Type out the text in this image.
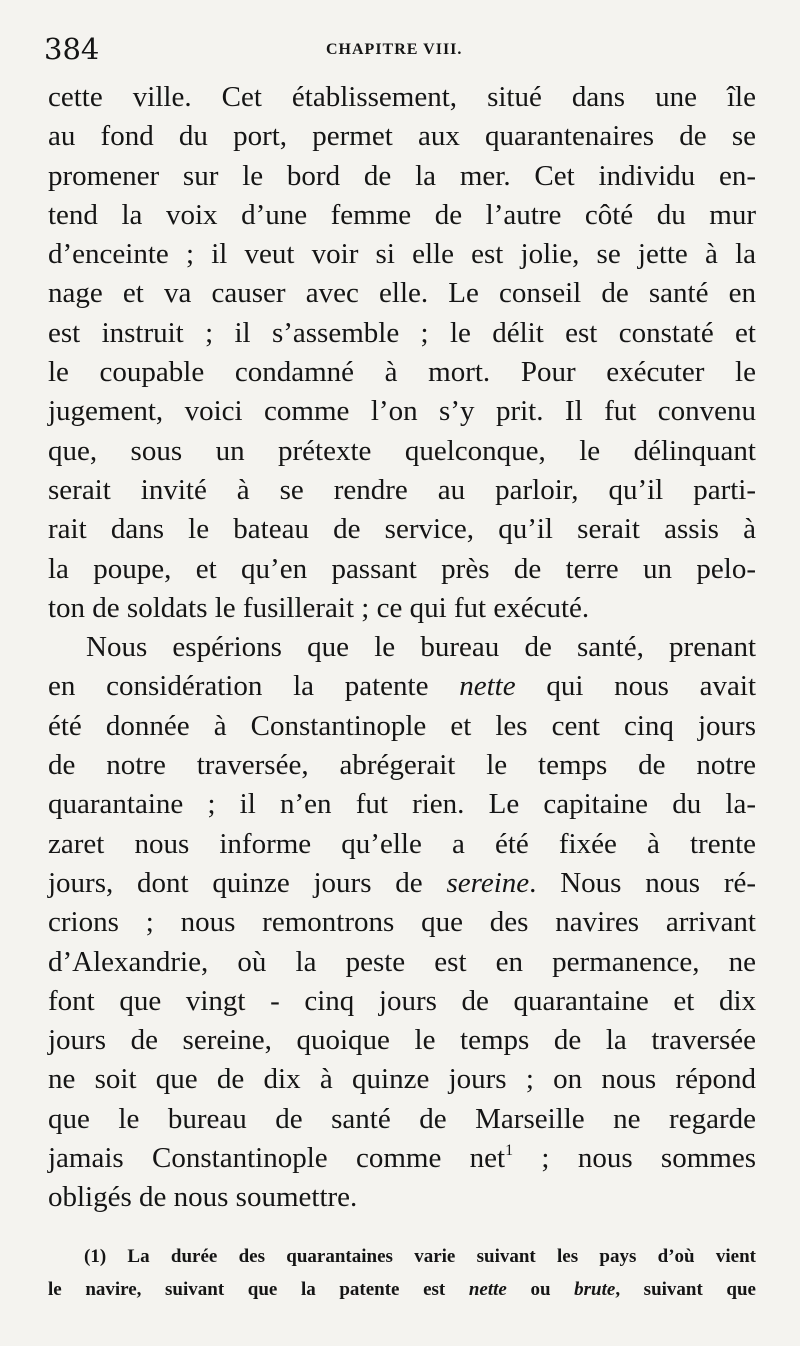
384	CHAPITRE VIII.
cette ville. Cet établissement, situé dans une île
au fond du port, permet aux quarantenaires de se
promener sur le bord de la mer. Cet individu en-
tend la voix d’une femme de l’autre côté du mur
d’enceinte ; il veut voir si elle est jolie, se jette à la
nage et va causer avec elle. Le conseil de santé en
est instruit ; il s’assemble ; le délit est constaté et
le coupable condamné à mort. Pour exécuter le
jugement, voici comme l’on s’y prit. Il fut convenu
que, sous un prétexte quelconque, le délinquant
serait invité à se rendre au parloir, qu’il parti-
rait dans le bateau de service, qu’il serait assis à
la poupe, et qu’en passant près de terre un pelo-
ton de soldats le fusillerait ; ce qui fut exécuté.
Nous espérions que le bureau de santé, prenant
en considération la patente nette qui nous avait
été donnée à Constantinople et les cent cinq jours
de notre traversée, abrégerait le temps de notre
quarantaine ; il n’en fut rien. Le capitaine du la-
zaret nous informe qu’elle a été fixée à trente
jours, dont quinze jours de sereine. Nous nous ré-
crions ; nous remontrons que des navires arrivant
d’Alexandrie, où la peste est en permanence, ne
font que vingt - cinq jours de quarantaine et dix
jours de sereine, quoique le temps de la traversée
ne soit que de dix à quinze jours ; on nous répond
que le bureau de santé de Marseille ne regarde
jamais Constantinople comme net$^1$ ; nous sommes
obligés de nous soumettre.
(1) La durée des quarantaines varie suivant les pays d’où vient
le navire, suivant que la patente est nette ou brute, suivant que
